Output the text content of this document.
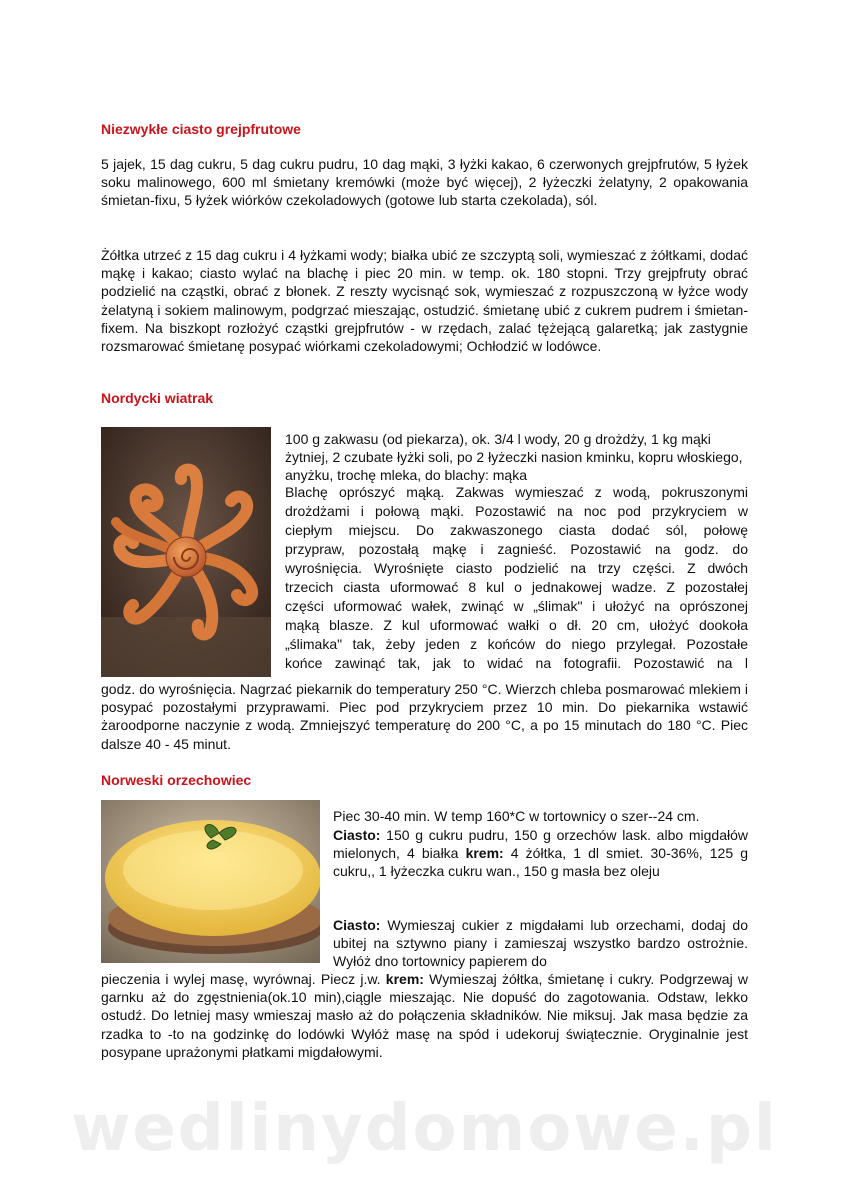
Niezwykłe ciasto grejpfrutowe

5 jajek, 15 dag cukru, 5 dag cukru pudru, 10 dag mąki, 3 łyżki kakao, 6 czerwonych grejpfrutów, 5 łyżek soku malinowego, 600 ml śmietany kremówki (może być więcej), 2 łyżeczki żelatyny, 2 opakowania śmietan-fixu, 5 łyżek wiórków czekoladowych (gotowe lub starta czekolada), sól.

Żółtka utrzeć z 15 dag cukru i 4 łyżkami wody; białka ubić ze szczyptą soli, wymieszać z żółtkami, dodać mąkę i kakao; ciasto wylać na blachę i piec 20 min. w temp. ok. 180 stopni. Trzy grejpfruty obrać podzielić na cząstki, obrać z błonek. Z reszty wycisnąć sok, wymieszać z rozpuszczoną w łyżce wody żelatyną i sokiem malinowym, podgrzać mieszając, ostudzić. śmietanę ubić z cukrem pudrem i śmietan-fixem. Na biszkopt rozłożyć cząstki grejpfrutów - w rzędach, zalać tężejącą galaretką; jak zastygnie rozsmarować śmietanę posypać wiórkami czekoladowymi; Ochłodzić w lodówce.

Nordycki wiatrak

100 g zakwasu (od piekarza), ok. 3/4 l wody, 20 g drożdży, 1 kg mąki żytniej, 2 czubate łyżki soli, po 2 łyżeczki nasion kminku, kopru włoskiego, anyżku, trochę mleka, do blachy: mąka

Blachę oprószyć mąką. Zakwas wymieszać z wodą, pokruszonymi

drożdżami i połową mąki. Pozostawić na noc pod przykryciem w

ciepłym miejscu. Do zakwaszonego ciasta dodać sól, połowę

przypraw, pozostałą mąkę i zagnieść. Pozostawić na godz. do

wyrośnięcia. Wyrośnięte ciasto podzielić na trzy części. Z dwóch

trzecich ciasta uformować 8 kul o jednakowej wadze. Z pozostałej

części uformować wałek, zwinąć w „ślimak" i ułożyć na oprószonej

mąką blasze. Z kul uformować wałki o dł. 20 cm, ułożyć dookoła

„ślimaka" tak, żeby jeden z końców do niego przylegał. Pozostałe

końce zawinąć tak, jak to widać na fotografii. Pozostawić na l

godz. do wyrośnięcia. Nagrzać piekarnik do temperatury 250 °C. Wierzch chleba posmarować mlekiem i posypać pozostałymi przyprawami. Piec pod przykryciem przez 10 min. Do piekarnika wstawić żaroodporne naczynie z wodą. Zmniejszyć temperaturę do 200 °C, a po 15 minutach do 180 °C. Piec dalsze 40 - 45 minut.

Norweski orzechowiec

Piec 30-40 min. W temp 160*C w tortownicy o szer--24 cm.

Ciasto: 150 g cukru pudru, 150 g orzechów lask. albo migdałów mielonych, 4 białka krem: 4 żółtka, 1 dl smiet. 30-36%, 125 g cukru,, 1 łyżeczka cukru wan., 150 g masła bez oleju

Ciasto: Wymieszaj cukier z migdałami lub orzechami, dodaj do ubitej na sztywno piany i zamieszaj wszystko bardzo ostrożnie. Wyłóż dno tortownicy papierem do

pieczenia i wylej masę, wyrównaj. Piecz j.w. krem: Wymieszaj żółtka, śmietanę i cukry. Podgrzewaj w garnku aż do zgęstnienia(ok.10 min),ciągle mieszając. Nie dopuść do zagotowania. Odstaw, lekko ostudź. Do letniej masy wmieszaj masło aż do połączenia składników. Nie miksuj. Jak masa będzie za rzadka to -to na godzinkę do lodówki Wyłóż masę na spód i udekoruj świątecznie. Oryginalnie jest posypane uprażonymi płatkami migdałowymi.

wedlinydomowe.pl
